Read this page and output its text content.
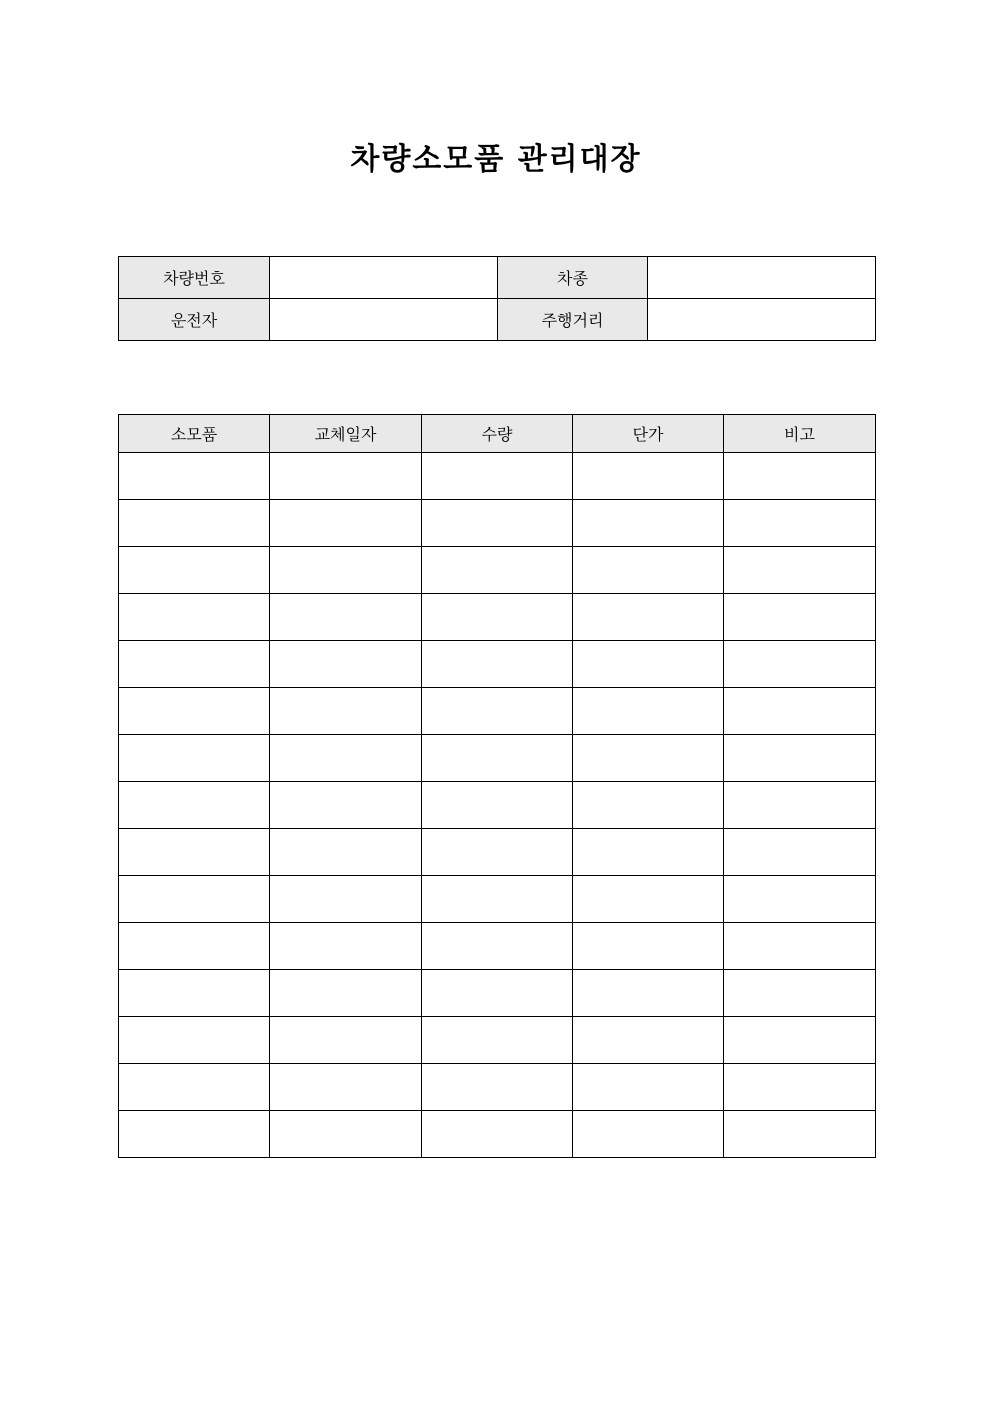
차량소모품 관리대장
차량번호		차종	
운전자		주행거리	
소모품	교체일자	수량	단가	비고
